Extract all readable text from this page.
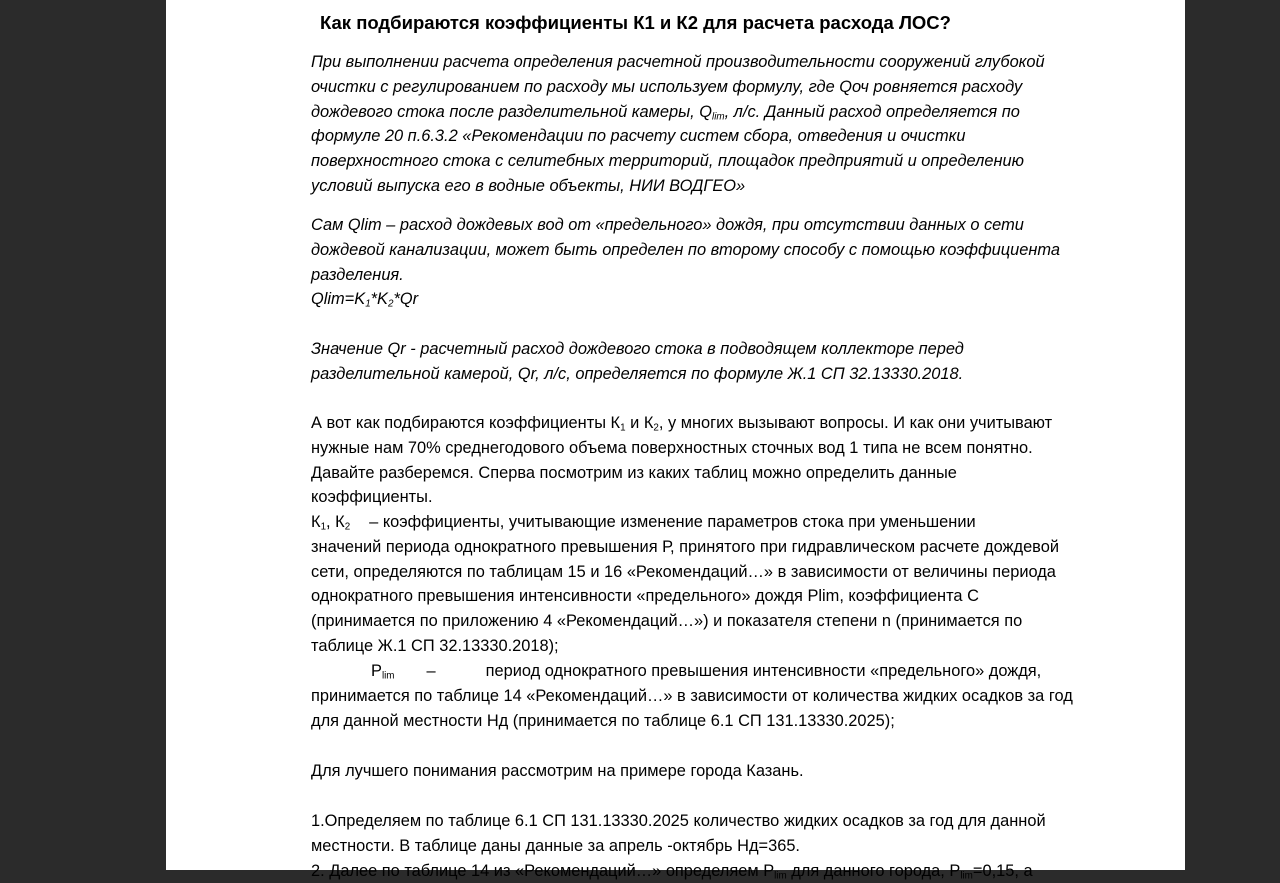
Как подбираются коэффициенты К1 и К2 для расчета расхода ЛОС?
При выполнении расчета определения расчетной производительности сооружений глубокой
очистки с регулированием по расходу мы используем формулу, где Qоч ровняется расходу
дождевого стока после разделительной камеры, $Q_{lim}$, л/с. Данный расход определяется по
формуле 20 п.6.3.2 «Рекомендации по расчету систем сбора, отведения и очистки
поверхностного стока с селитебных территорий, площадок предприятий и определению
условий выпуска его в водные объекты, НИИ ВОДГЕО»
Сам Qlim – расход дождевых вод от «предельного» дождя, при отсутствии данных о сети
дождевой канализации, может быть определен по второму способу с помощью коэффициента
разделения.
$Qlim=K_1*K_2*Qr$
Значение Qr - расчетный расход дождевого стока в подводящем коллекторе перед
разделительной камерой, Qr, л/с, определяется по формуле Ж.1 СП 32.13330.2018.
А вот как подбираются коэффициенты $К_1$ и $К_2$, у многих вызывают вопросы. И как они учитывают
нужные нам 70% среднегодового объема поверхностных сточных вод 1 типа не всем понятно.
Давайте разберемся. Сперва посмотрим из каких таблиц можно определить данные
коэффициенты.
$К_1$, $К_2$ – коэффициенты, учитывающие изменение параметров стока при уменьшении
значений периода однократного превышения Р, принятого при гидравлическом расчете дождевой
сети, определяются по таблицам 15 и 16 «Рекомендаций…» в зависимости от величины периода
однократного превышения интенсивности «предельного» дождя Plim, коэффициента С
(принимается по приложению 4 «Рекомендаций…») и показателя степени n (принимается по
таблице Ж.1 СП 32.13330.2018);
$P_{lim}$ –	период однократного превышения интенсивности «предельного» дождя,
принимается по таблице 14 «Рекомендаций…» в зависимости от количества жидких осадков за год
для данной местности Нд (принимается по таблице 6.1 СП 131.13330.2025);
Для лучшего понимания рассмотрим на примере города Казань.
1.Определяем по таблице 6.1 СП 131.13330.2025 количество жидких осадков за год для данной
местности. В таблице даны данные за апрель -октябрь Нд=365.
2. Далее по таблице 14 из «Рекомендаций…» определяем $P_{lim}$ для данного города, $P_{lim}=0,15$, а
